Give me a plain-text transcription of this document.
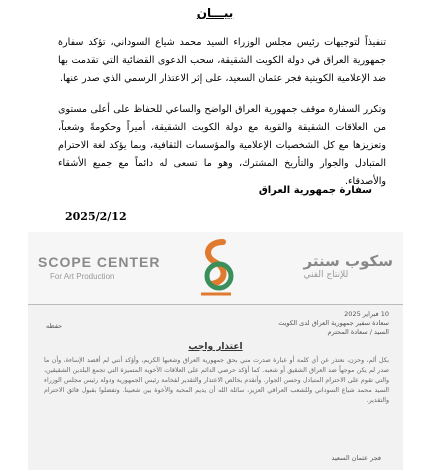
بيـــان
تنفيذاً لتوجيهات رئيس مجلس الوزراء السيد محمد شياع السوداني، تؤكد سفارة جمهورية العراق في دولة الكويت الشقيقة، سحب الدعوى القضائية التي تقدمت بها ضد الإعلامية الكويتية فجر عثمان السعيد، على إثر الاعتذار الرسمي الذي صدر عنها.
وتكرر السفارة موقف جمهورية العراق الواضح والساعي للحفاظ على أعلى مستوى من العلاقات الشقيقة والقوية مع دولة الكويت الشقيقة، أميراً وحكومةً وشعباً، وتعزيزها مع كل الشخصيات الإعلامية والمؤسسات الثقافية، وبما يؤكد لغة الاحترام المتبادل والجوار والتأريخ المشترك، وهو ما تسعى له دائماً مع جميع الأشقاء والأصدقاء.
سفارة جمهورية العراق
2025/2/12
SCOPE CENTER
For Art Production
سكوب سنتر
للإنتاج الفني
10 فبراير 2025
سعادة سفير جمهورية العراق لدى الكويت
السيد / سعادة المحترم
حفظه
اعتذار واجب
بكل ألم، وحزن، نعتذر عن أي كلمة أو عبارة صدرت مني بحق جمهورية العراق وشعبها الكريم، وأؤكد أنني لم أقصد الإساءة، وأن ما صدر لم يكن موجهاً ضد العراق الشقيق أو شعبه. كما أؤكد حرصي الدائم على العلاقات الأخوية المتميزة التي تجمع البلدين الشقيقين، والتي تقوم على الاحترام المتبادل وحسن الجوار. وأتقدم بخالص الاعتذار والتقدير لفخامة رئيس الجمهورية ودولة رئيس مجلس الوزراء السيد محمد شياع السوداني وللشعب العراقي العزيز، سائلة الله أن يديم المحبة والأخوة بين شعبينا. وتفضلوا بقبول فائق الاحترام والتقدير.
فجر عثمان السعيد
